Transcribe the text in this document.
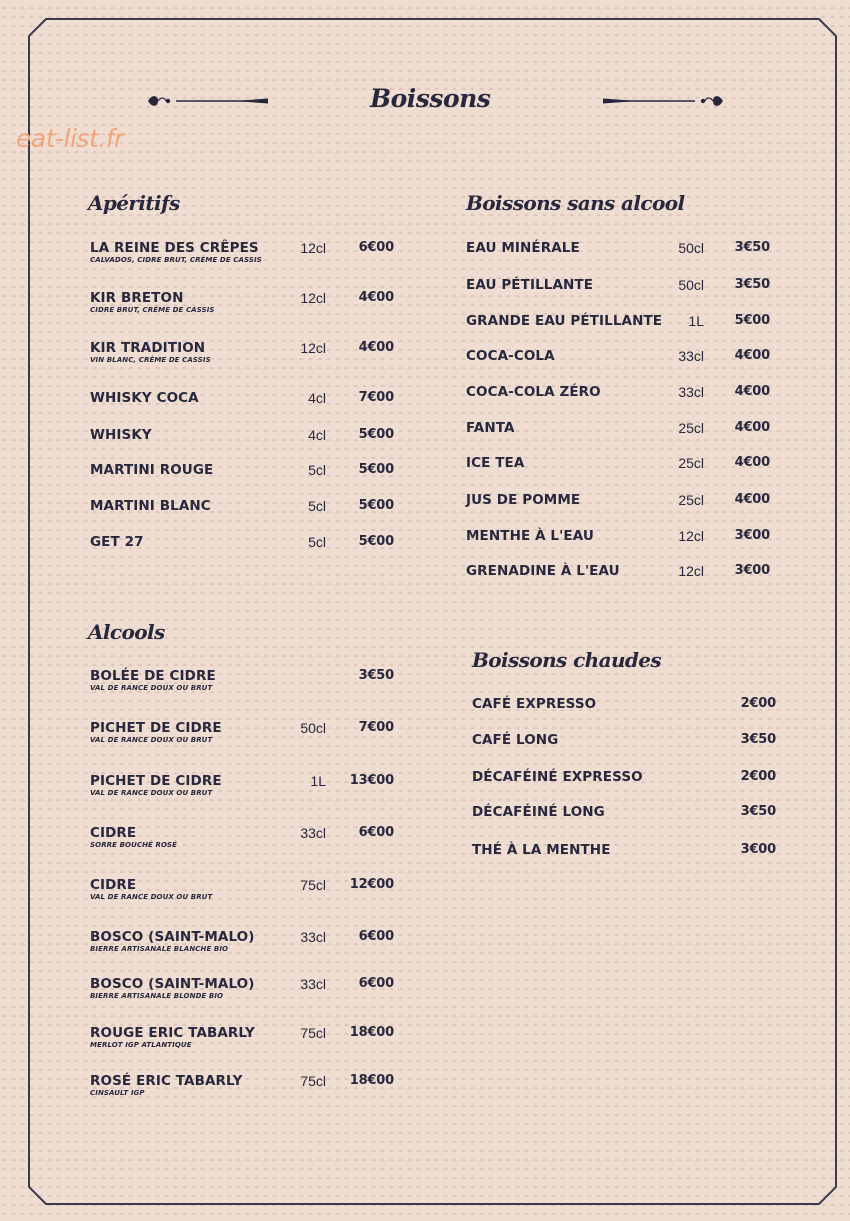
eat-list.fr
Boissons
Apéritifs	Boissons sans alcool
Alcools
Boissons chaudes
LA REINE DES CRÊPES
CALVADOS, CIDRE BRUT, CRÈME DE CASSIS
12cl	6€00
KIR BRETON
CIDRE BRUT, CRÈME DE CASSIS
12cl	4€00
KIR TRADITION
VIN BLANC, CRÈME DE CASSIS
12cl	4€00
WHISKY COCA	4cl	7€00
WHISKY	4cl	5€00
MARTINI ROUGE	5cl	5€00
MARTINI BLANC	5cl	5€00
GET 27	5cl	5€00
BOLÉE DE CIDRE
VAL DE RANCE DOUX OU BRUT
3€50
PICHET DE CIDRE
VAL DE RANCE DOUX OU BRUT
50cl	7€00
PICHET DE CIDRE
VAL DE RANCE DOUX OU BRUT
1L 13€00
CIDRE
SORRE BOUCHÉ ROSÉ
33cl	6€00
CIDRE
VAL DE RANCE DOUX OU BRUT
75cl 12€00
BOSCO (SAINT-MALO)
BIERRE ARTISANALE BLANCHE BIO
33cl	6€00
BOSCO (SAINT-MALO)
BIERRE ARTISANALE BLONDE BIO
33cl	6€00
ROUGE ERIC TABARLY
MERLOT IGP ATLANTIQUE
75cl 18€00
ROSÉ ERIC TABARLY
CINSAULT IGP
75cl 18€00
EAU MINÉRALE	50cl 3€50
EAU PÉTILLANTE	50cl 3€50
GRANDE EAU PÉTILLANTE 1L 5€00
COCA-COLA	33cl 4€00
COCA-COLA ZÉRO	33cl 4€00
FANTA	25cl 4€00
ICE TEA	25cl 4€00
JUS DE POMME	25cl 4€00
MENTHE À L'EAU	12cl 3€00
GRENADINE À L'EAU	12cl 3€00
CAFÉ EXPRESSO	2€00
CAFÉ LONG	3€50
DÉCAFÉINÉ EXPRESSO	2€00
DÉCAFÉINÉ LONG	3€50
THÉ À LA MENTHE	3€00
